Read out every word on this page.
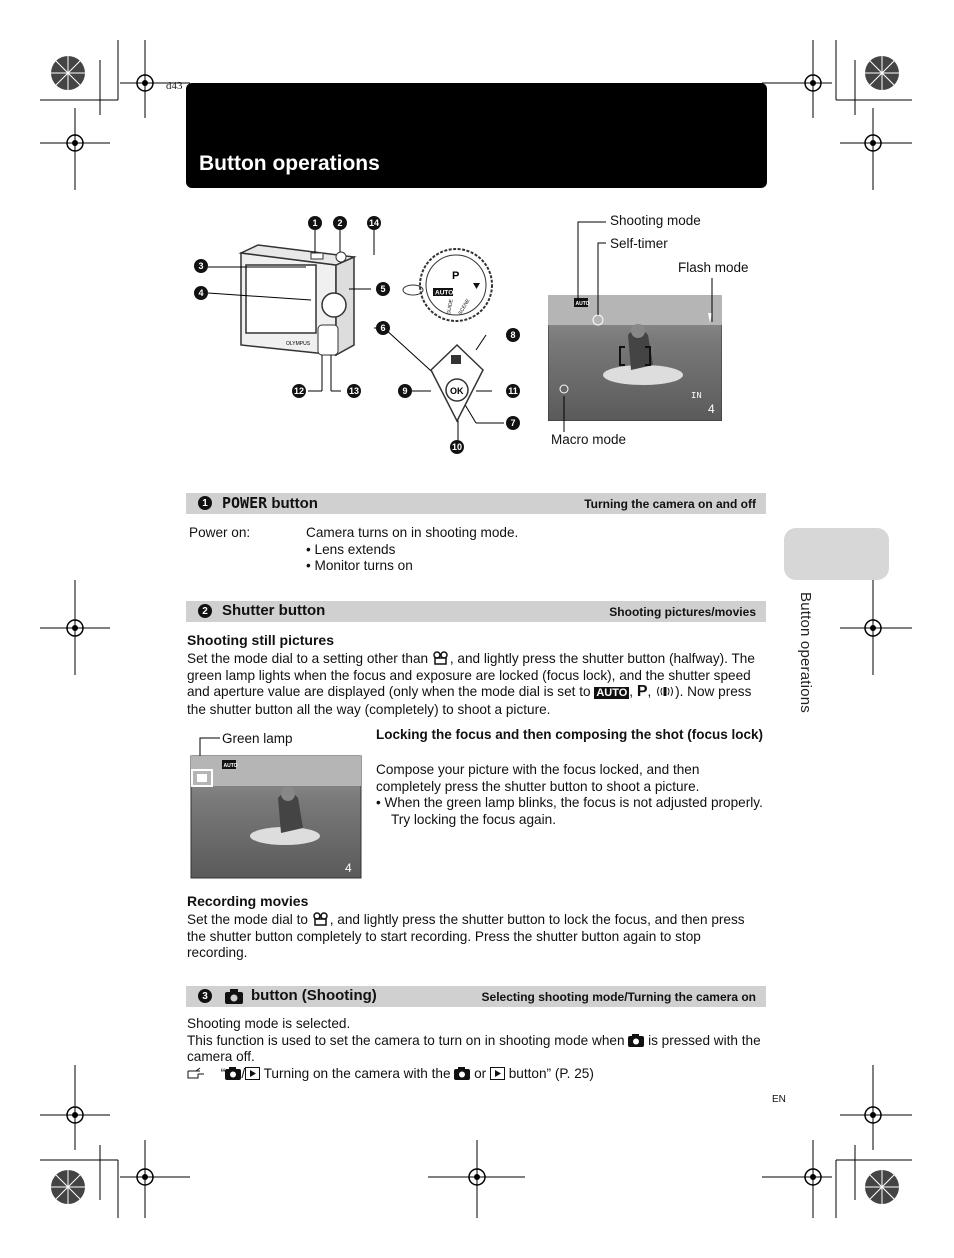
d43
Button operations
Button operations
OLYMPUS
AUTO
P
GUIDE SCENE
OK
1	2	14
3
4	5
6
8
12	13	9	11
7
10
AUTO
IN
4
Shooting mode
Self-timer
Flash mode
Macro mode
1 POWER button	Turning the camera on and off
Power on:	Camera turns on in shooting mode.
• Lens extends
• Monitor turns on
2 Shutter button	Shooting pictures/movies
Shooting still pictures
Set the mode dial to a setting other than , and lightly press the shutter button (halfway). The green lamp lights when the focus and exposure are locked (focus lock), and the shutter speed and aperture value are displayed (only when the mode dial is set to AUTO , P, ). Now press the shutter button all the way (completely) to shoot a picture.
Green lamp
AUTO
4
Locking the focus and then composing the shot (focus lock)
Compose your picture with the focus locked, and then completely press the shutter button to shoot a picture.
• When the green lamp blinks, the focus is not adjusted properly. Try locking the focus again.
Recording movies
Set the mode dial to , and lightly press the shutter button to lock the focus, and then press the shutter button completely to start recording. Press the shutter button again to stop recording.
3	button (Shooting)	Selecting shooting mode/Turning the camera on
Shooting mode is selected.
This function is used to set the camera to turn on in shooting mode when is pressed with the camera off.
“ / Turning on the camera with the or button” (P. 25)
EN
